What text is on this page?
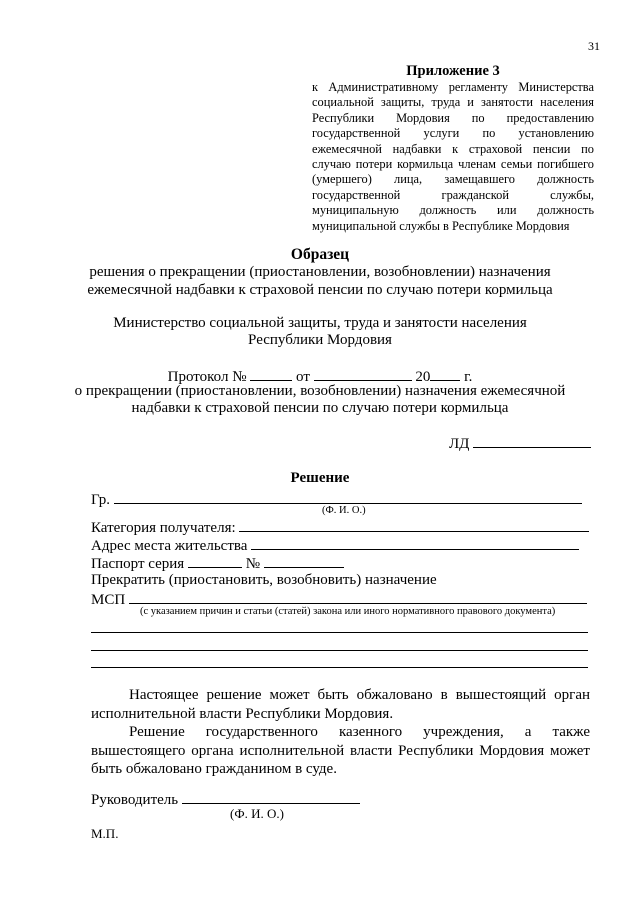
31
Приложение 3
к Административному регламенту Министерства социальной защиты, труда и занятости населения Республики Мордовия по предоставлению государственной услуги по установлению ежемесячной надбавки к страховой пенсии по случаю потери кормильца членам семьи погибшего (умершего) лица, замещавшего должность государственной гражданской службы, муниципальную должность или должность муниципальной службы в Республике Мордовия
Образец
решения о прекращении (приостановлении, возобновлении) назначения
ежемесячной надбавки к страховой пенсии по случаю потери кормильца
Министерство социальной защиты, труда и занятости населения
Республики Мордовия
Протокол №	от	20 г.
о прекращении (приостановлении, возобновлении) назначения ежемесячной
надбавки к страховой пенсии по случаю потери кормильца
ЛД
Решение
Гр.
(Ф. И. О.)
Категория получателя:
Адрес места жительства
Паспорт серия	№
Прекратить (приостановить, возобновить) назначение
МСП
(с указанием причин и статьи (статей) закона или иного нормативного правового документа)
Настоящее решение может быть обжаловано в вышестоящий орган исполнительной власти Республики Мордовия.
Решение государственного казенного учреждения, а также вышестоящего органа исполнительной власти Республики Мордовия может быть обжаловано гражданином в суде.
Руководитель
(Ф. И. О.)
М.П.
